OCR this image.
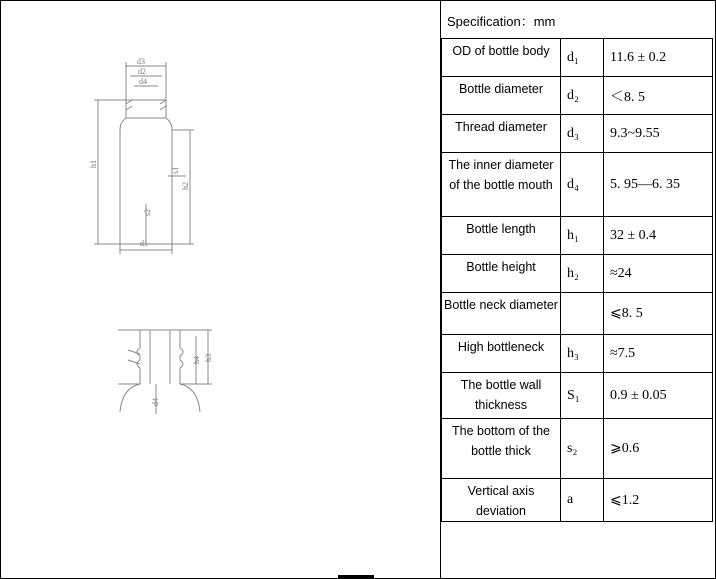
d3
d2
d4
h1
h2
s1
s2
d1
h3
h4
d4
Specification：mm
OD of bottle body	d₁	11.6 ± 0.2
Bottle diameter	d₂	＜8. 5
Thread diameter	d₃	9.3~9.55
The inner diameter of the bottle mouth	d₄	5. 95—6. 35
Bottle length	h₁	32 ± 0.4
Bottle height	h₂	≈24
Bottle neck diameter		⩽8. 5
High bottleneck	h₃	≈7.5
The bottle wall thickness	S₁	0.9 ± 0.05
The bottom of the bottle thick	s₂	⩾0.6
Vertical axis deviation	a	⩽1.2
